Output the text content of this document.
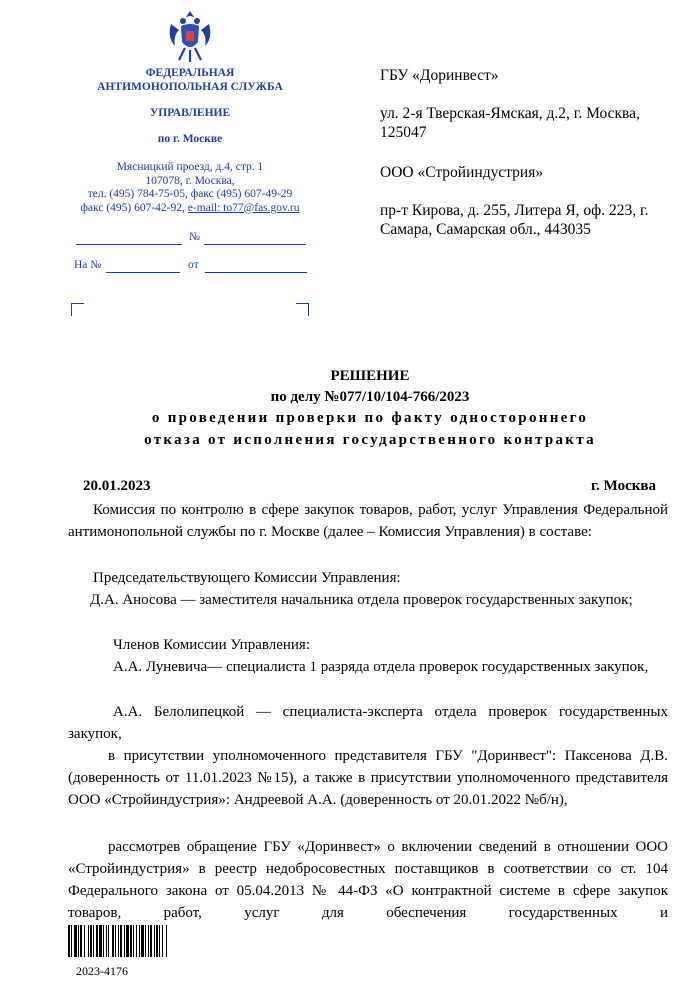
ФЕДЕРАЛЬНАЯ
АНТИМОНОПОЛЬНАЯ СЛУЖБА
УПРАВЛЕНИЕ
по г. Москве
Мясницкий проезд, д.4, стр. 1
107078, г. Москва,
тел. (495) 784-75-05, факс (495) 607-49-29
факс (495) 607-42-92, e-mail: to77@fas.gov.ru
№
На №	от
ГБУ «Доринвест»
ул. 2-я Тверская-Ямская, д.2, г. Москва, 125047
ООО «Стройиндустрия»
пр-т Кирова, д. 255, Литера Я, оф. 223, г. Самара, Самарская обл., 443035
РЕШЕНИЕ
по делу №077/10/104-766/2023
о проведении проверки по факту одностороннего
отказа от исполнения государственного контракта
20.01.2023	г. Москва
Комиссия по контролю в сфере закупок товаров, работ, услуг Управления Федеральной антимонопольной службы по г. Москве (далее – Комиссия Управления) в составе:
Председательствующего Комиссии Управления:
Д.А. Аносова — заместителя начальника отдела проверок государственных закупок;
Членов Комиссии Управления:
А.А. Луневича— специалиста 1 разряда отдела проверок государственных закупок,
А.А. Белолипецкой — специалиста-эксперта отдела проверок государственных закупок,
в присутствии уполномоченного представителя ГБУ "Доринвест": Паксенова Д.В. (доверенность от 11.01.2023 №15), а также в присутствии уполномоченного представителя ООО «Стройиндустрия»: Андреевой А.А. (доверенность от 20.01.2022 №б/н),
рассмотрев обращение ГБУ «Доринвест» о включении сведений в отношении ООО «Стройиндустрия» в реестр недобросовестных поставщиков в соответствии со ст. 104 Федерального закона от 05.04.2013 № 44-ФЗ «О контрактной системе в сфере закупок товаров, работ, услуг для обеспечения государственных и
2023-4176
